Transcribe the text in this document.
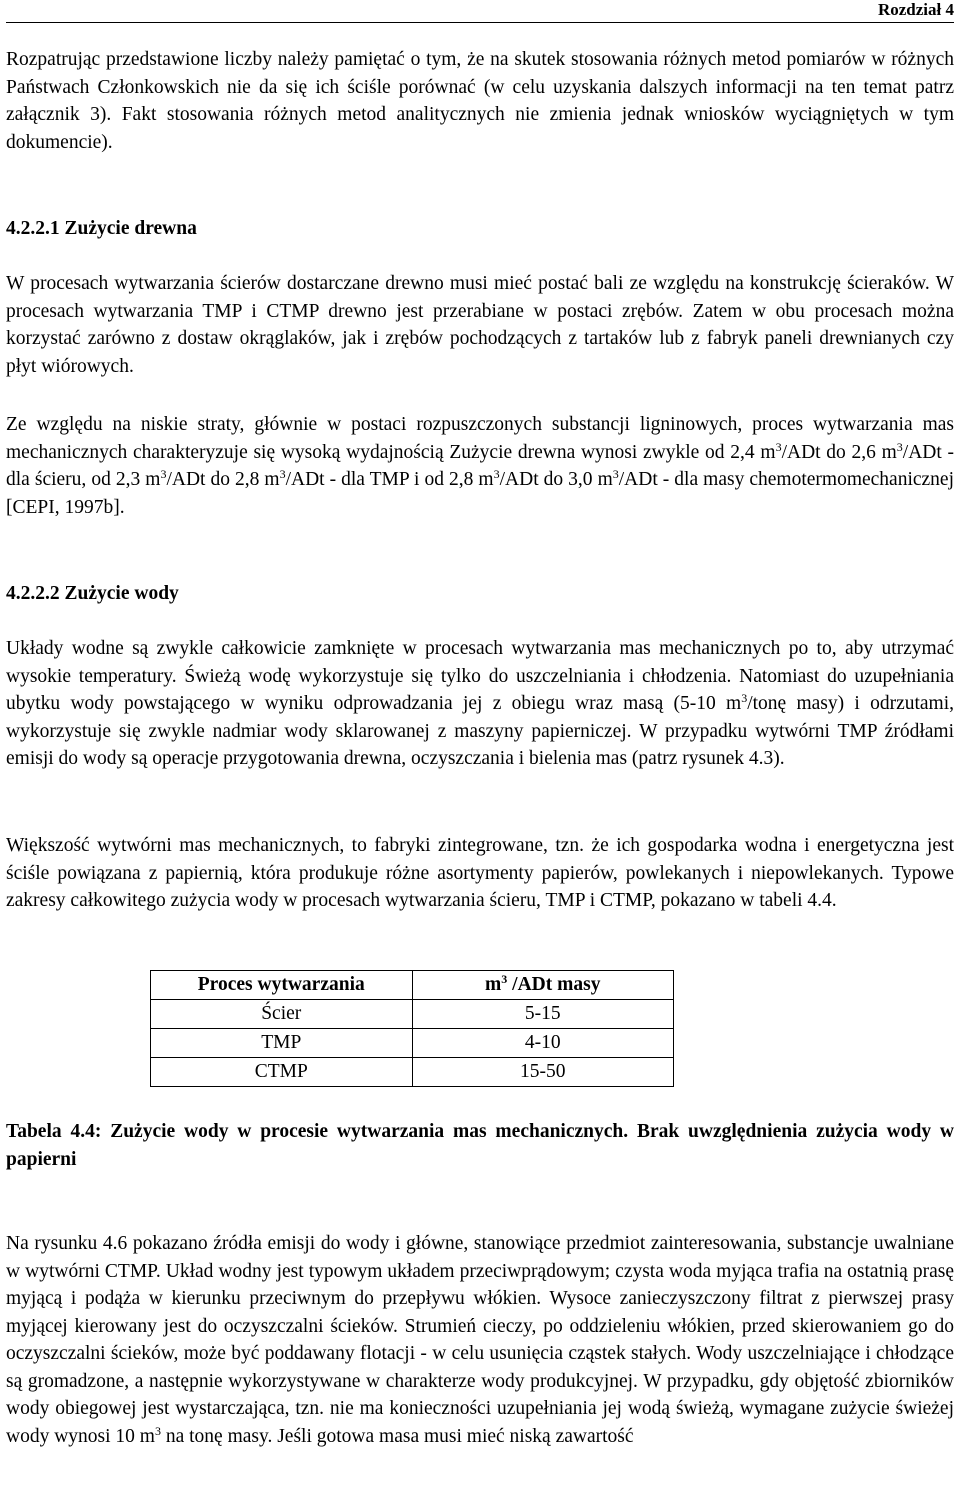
Rozdział 4

Rozpatrując przedstawione liczby należy pamiętać o tym, że na skutek stosowania różnych metod pomiarów w różnych Państwach Członkowskich nie da się ich ściśle porównać (w celu uzyskania dalszych informacji na ten temat patrz załącznik 3). Fakt stosowania różnych metod analitycznych nie zmienia jednak wniosków wyciągniętych w tym dokumencie).

4.2.2.1 Zużycie drewna

W procesach wytwarzania ścierów dostarczane drewno musi mieć postać bali ze względu na konstrukcję ścieraków. W procesach wytwarzania TMP i CTMP drewno jest przerabiane w postaci zrębów. Zatem w obu procesach można korzystać zarówno z dostaw okrąglaków, jak i zrębów pochodzących z tartaków lub z fabryk paneli drewnianych czy płyt wiórowych.

Ze względu na niskie straty, głównie w postaci rozpuszczonych substancji ligninowych, proces wytwarzania mas mechanicznych charakteryzuje się wysoką wydajnością Zużycie drewna wynosi zwykle od 2,4 $m^3$/ADt do 2,6 $m^3$/ADt - dla ścieru, od 2,3 $m^3$/ADt do 2,8 $m^3$/ADt - dla TMP i od 2,8 $m^3$/ADt do 3,0 $m^3$/ADt - dla masy chemotermomechanicznej [CEPI, 1997b].

4.2.2.2 Zużycie wody

Układy wodne są zwykle całkowicie zamknięte w procesach wytwarzania mas mechanicznych po to, aby utrzymać wysokie temperatury. Świeżą wodę wykorzystuje się tylko do uszczelniania i chłodzenia. Natomiast do uzupełniania ubytku wody powstającego w wyniku odprowadzania jej z obiegu wraz masą (5-10 $m^3$/tonę masy) i odrzutami, wykorzystuje się zwykle nadmiar wody sklarowanej z maszyny papierniczej. W przypadku wytwórni TMP źródłami emisji do wody są operacje przygotowania drewna, oczyszczania i bielenia mas (patrz rysunek 4.3).

Większość wytwórni mas mechanicznych, to fabryki zintegrowane, tzn. że ich gospodarka wodna i energetyczna jest ściśle powiązana z papiernią, która produkuje różne asortymenty papierów, powlekanych i niepowlekanych. Typowe zakresy całkowitego zużycia wody w procesach wytwarzania ścieru, TMP i CTMP, pokazano w tabeli 4.4.

Proces wytwarzania	$m^3$ /ADt masy
Ścier	5-15
TMP	4-10
CTMP	15-50

Tabela 4.4: Zużycie wody w procesie wytwarzania mas mechanicznych. Brak uwzględnienia zużycia wody w papierni

Na rysunku 4.6 pokazano źródła emisji do wody i główne, stanowiące przedmiot zainteresowania, substancje uwalniane w wytwórni CTMP. Układ wodny jest typowym układem przeciwprądowym; czysta woda myjąca trafia na ostatnią prasę myjącą i podąża w kierunku przeciwnym do przepływu włókien. Wysoce zanieczyszczony filtrat z pierwszej prasy myjącej kierowany jest do oczyszczalni ścieków. Strumień cieczy, po oddzieleniu włókien, przed skierowaniem go do oczyszczalni ścieków, może być poddawany flotacji - w celu usunięcia cząstek stałych. Wody uszczelniające i chłodzące są gromadzone, a następnie wykorzystywane w charakterze wody produkcyjnej. W przypadku, gdy objętość zbiorników wody obiegowej jest wystarczająca, tzn. nie ma konieczności uzupełniania jej wodą świeżą, wymagane zużycie świeżej wody wynosi 10 $m^3$ na tonę masy. Jeśli gotowa masa musi mieć niską zawartość
